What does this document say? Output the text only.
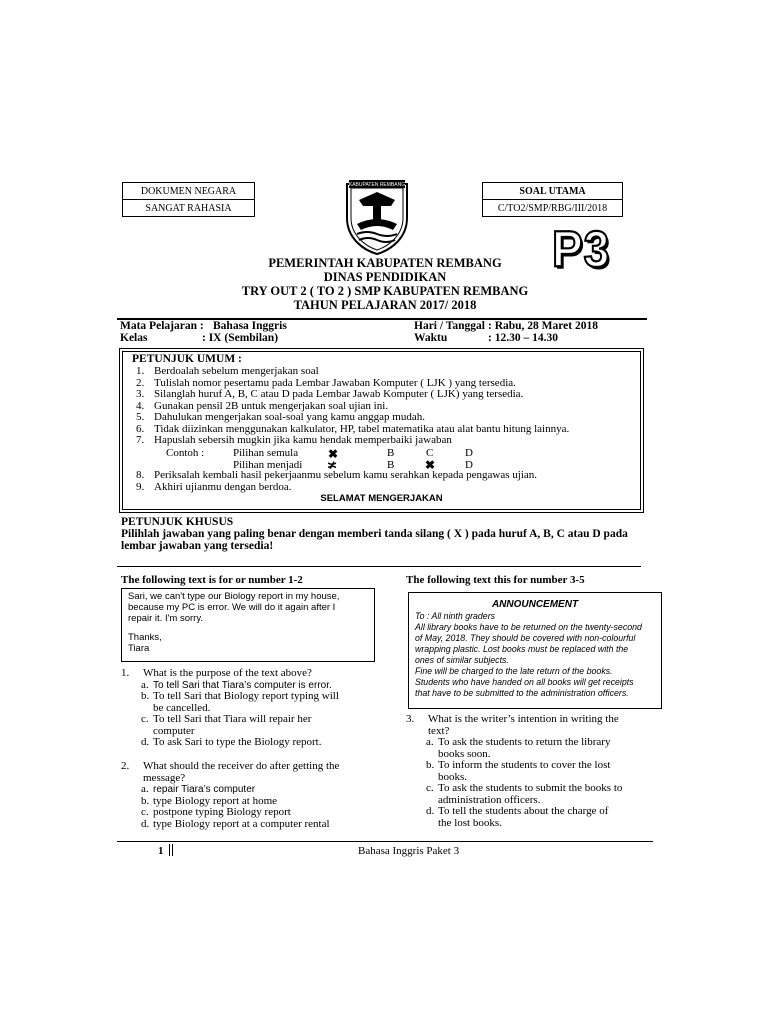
DOKUMEN NEGARA
SANGAT RAHASIA
SOAL UTAMA
C/TO2/SMP/RBG/III/2018
KABUPATEN REMBANG
P3
PEMERINTAH KABUPATEN REMBANG
DINAS PENDIDIKAN
TRY OUT 2 ( TO 2 ) SMP KABUPATEN REMBANG
TAHUN PELAJARAN 2017/ 2018
Mata Pelajaran : Bahasa Inggris
Kelas	: IX (Sembilan)
Hari / Tanggal : Rabu, 28 Maret 2018
Waktu	: 12.30 – 14.30
PETUNJUK UMUM :
1. Berdoalah sebelum mengerjakan soal
2. Tulislah nomor pesertamu pada Lembar Jawaban Komputer ( LJK ) yang tersedia.
3. Silanglah huruf A, B, C atau D pada Lembar Jawab Komputer ( LJK) yang tersedia.
4. Gunakan pensil 2B untuk mengerjakan soal ujian ini.
5. Dahulukan mengerjakan soal-soal yang kamu anggap mudah.
6. Tidak diizinkan menggunakan kalkulator, HP, tabel matematika atau alat bantu hitung lainnya.
7. Hapuslah sebersih mugkin jika kamu hendak memperbaiki jawaban
Contoh :	Pilihan semula ✖	B	C	D
Pilihan menjadi ≭	B	✖	D
8. Periksalah kembali hasil pekerjaanmu sebelum kamu serahkan kepada pengawas ujian.
9. Akhiri ujianmu dengan berdoa.
SELAMAT MENGERJAKAN
PETUNJUK KHUSUS
Pilihlah jawaban yang paling benar dengan memberi tanda silang ( X ) pada huruf A, B, C atau D pada
lembar jawaban yang tersedia!
The following text is for or number 1-2
Sari, we can't type our Biology report in my house,
because my PC is error. We will do it again after I
repair it. I'm sorry.
Thanks,
Tiara
1.	What is the purpose of the text above?
a. To tell Sari that Tiara’s computer is error.
b. To tell Sari that Biology report typing will
be cancelled.
c. To tell Sari that Tiara will repair her
computer
d. To ask Sari to type the Biology report.
2.	What should the receiver do after getting the
message?
a. repair Tiara’s computer
b. type Biology report at home
c. postpone typing Biology report
d. type Biology report at a computer rental
The following text this for number 3-5
ANNOUNCEMENT
To : All ninth graders
All library books have to be returned on the twenty-second
of May, 2018. They should be covered with non-colourful
wrapping plastic. Lost books must be replaced with the
ones of similar subjects.
Fine will be charged to the late return of the books.
Students who have handed on all books will get receipts
that have to be submitted to the administration officers.
3.	What is the writer’s intention in writing the
text?
a. To ask the students to return the library
books soon.
b. To inform the students to cover the lost
books.
c. To ask the students to submit the books to
administration officers.
d. To tell the students about the charge of
the lost books.
1	Bahasa Inggris Paket 3
